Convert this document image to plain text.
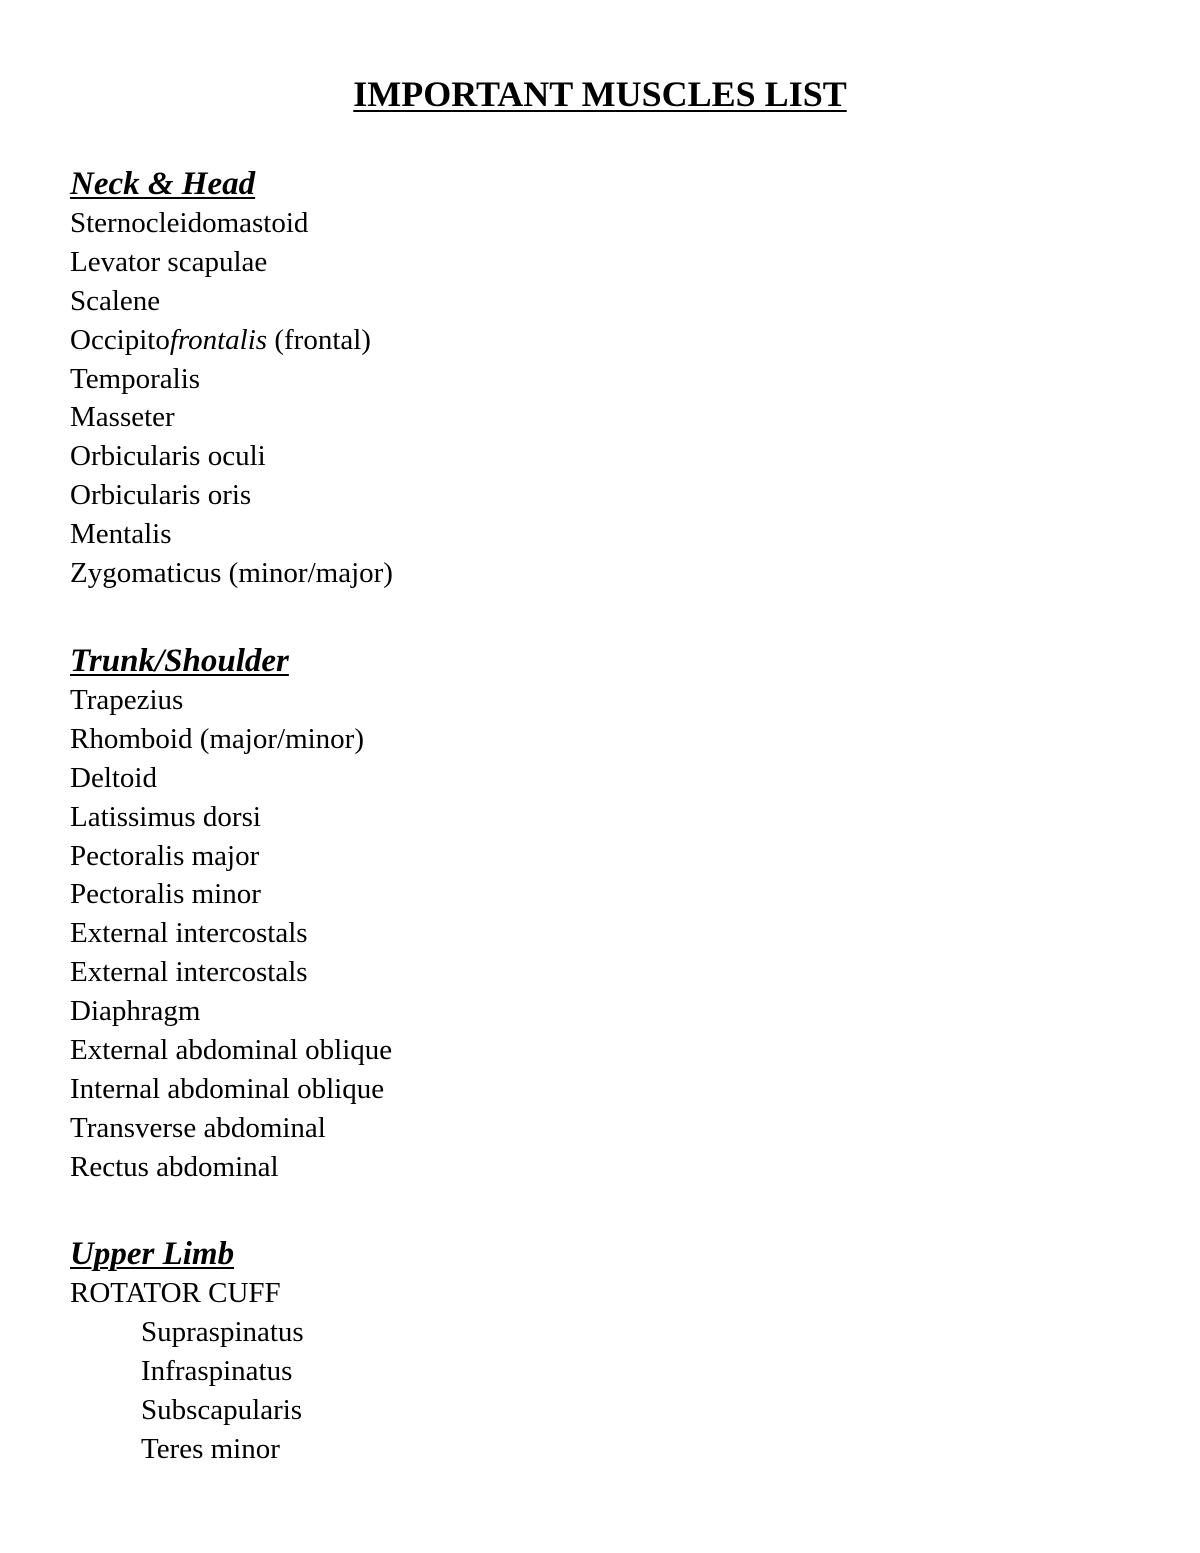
IMPORTANT MUSCLES LIST
Neck & Head
Sternocleidomastoid
Levator scapulae
Scalene
Occipitofrontalis (frontal)
Temporalis
Masseter
Orbicularis oculi
Orbicularis oris
Mentalis
Zygomaticus (minor/major)
Trunk/Shoulder
Trapezius
Rhomboid (major/minor)
Deltoid
Latissimus dorsi
Pectoralis major
Pectoralis minor
External intercostals
External intercostals
Diaphragm
External abdominal oblique
Internal abdominal oblique
Transverse abdominal
Rectus abdominal
Upper Limb
ROTATOR CUFF
Supraspinatus
Infraspinatus
Subscapularis
Teres minor
